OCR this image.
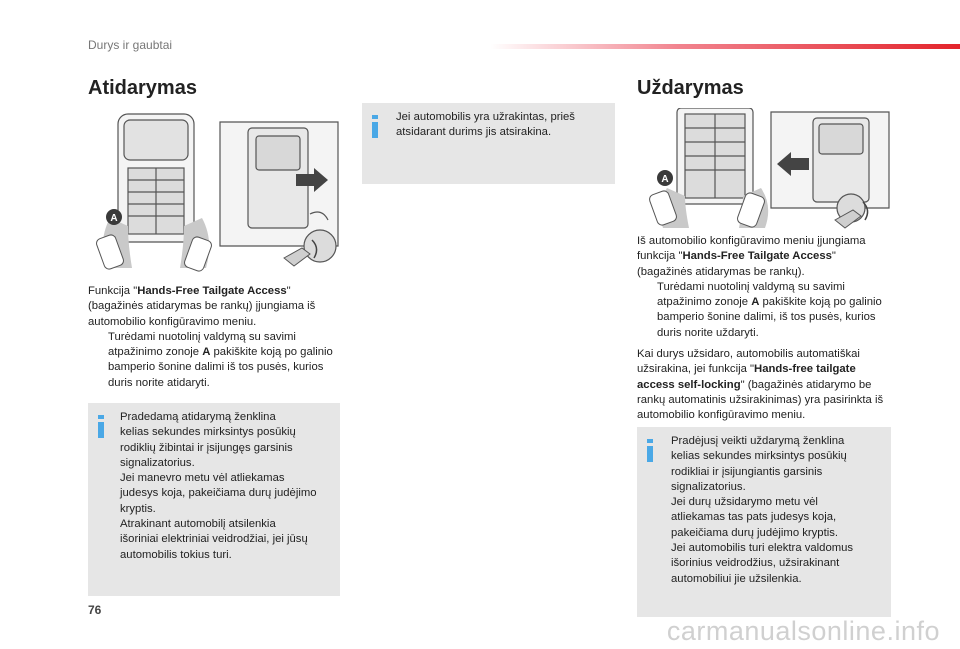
Durys ir gaubtai
Atidarymas
A

Funkcija "Hands-Free Tailgate Access" (bagažinės atidarymas be rankų) įjungiama iš automobilio konfigūravimo meniu.

Turėdami nuotolinį valdymą su savimi atpažinimo zonoje A pakiškite koją po galinio bamperio šonine dalimi iš tos pusės, kurios duris norite atidaryti.
Pradedamą atidarymą ženklina
kelias sekundes mirksintys posūkių
rodiklių žibintai ir įsijungęs garsinis
signalizatorius.
Jei manevro metu vėl atliekamas
judesys koja, pakeičiama durų judėjimo
kryptis.
Atrakinant automobilį atsilenkia
išoriniai elektriniai veidrodžiai, jei jūsų
automobilis tokius turi.
Jei automobilis yra užrakintas, prieš
atsidarant durims jis atsirakina.
Uždarymas
A

Iš automobilio konfigūravimo meniu įjungiama funkcija "Hands-Free Tailgate Access" (bagažinės atidarymas be rankų).

Turėdami nuotolinį valdymą su savimi atpažinimo zonoje A pakiškite koją po galinio bamperio šonine dalimi, iš tos pusės, kurios duris norite uždaryti.

Kai durys užsidaro, automobilis automatiškai užsirakina, jei funkcija "Hands-free tailgate access self-locking" (bagažinės atidarymo be rankų automatinis užsirakinimas) yra pasirinkta iš automobilio konfigūravimo meniu.

Pradėjusį veikti uždarymą ženklina
kelias sekundes mirksintys posūkių
rodikliai ir įsijungiantis garsinis
signalizatorius.
Jei durų užsidarymo metu vėl
atliekamas tas pats judesys koja,
pakeičiama durų judėjimo kryptis.
Jei automobilis turi elektra valdomus
išorinius veidrodžius, užsirakinant
automobiliui jie užsilenkia.
76
carmanualsonline.info
